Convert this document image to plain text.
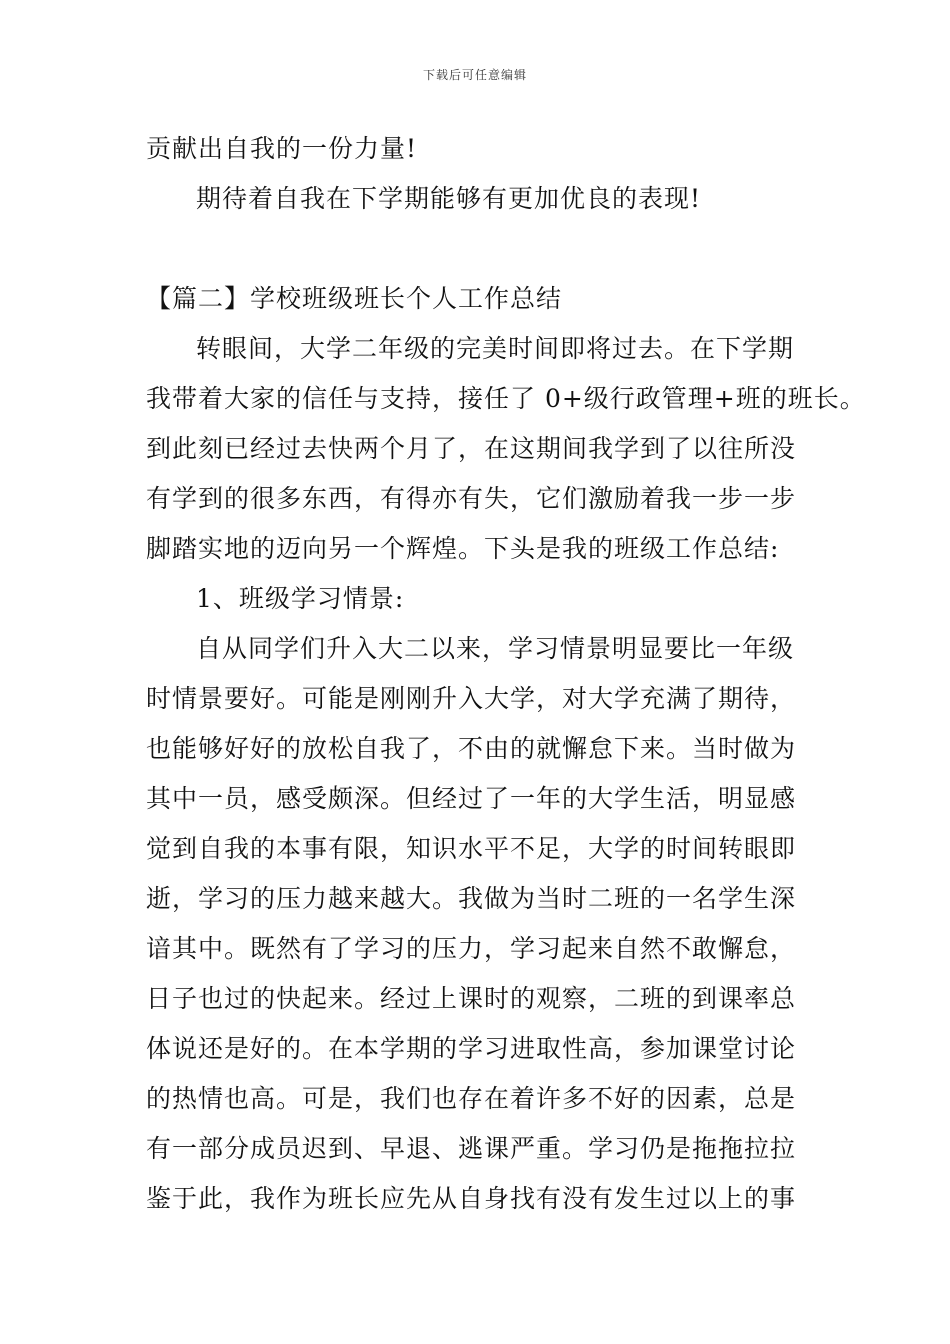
下载后可任意编辑
贡献出自我的一份力量!
期待着自我在下学期能够有更加优良的表现!
【篇二】学校班级班长个人工作总结
转眼间，大学二年级的完美时间即将过去。在下学期
我带着大家的信任与支持，接任了 0+级行政管理+班的班长。
到此刻已经过去快两个月了，在这期间我学到了以往所没
有学到的很多东西，有得亦有失，它们激励着我一步一步
脚踏实地的迈向另一个辉煌。下头是我的班级工作总结:
1、班级学习情景:
自从同学们升入大二以来，学习情景明显要比一年级
时情景要好。可能是刚刚升入大学，对大学充满了期待，
也能够好好的放松自我了，不由的就懈怠下来。当时做为
其中一员，感受颇深。但经过了一年的大学生活，明显感
觉到自我的本事有限，知识水平不足，大学的时间转眼即
逝，学习的压力越来越大。我做为当时二班的一名学生深
谙其中。既然有了学习的压力，学习起来自然不敢懈怠，
日子也过的快起来。经过上课时的观察，二班的到课率总
体说还是好的。在本学期的学习进取性高，参加课堂讨论
的热情也高。可是，我们也存在着许多不好的因素，总是
有一部分成员迟到、早退、逃课严重。学习仍是拖拖拉拉
鉴于此，我作为班长应先从自身找有没有发生过以上的事
